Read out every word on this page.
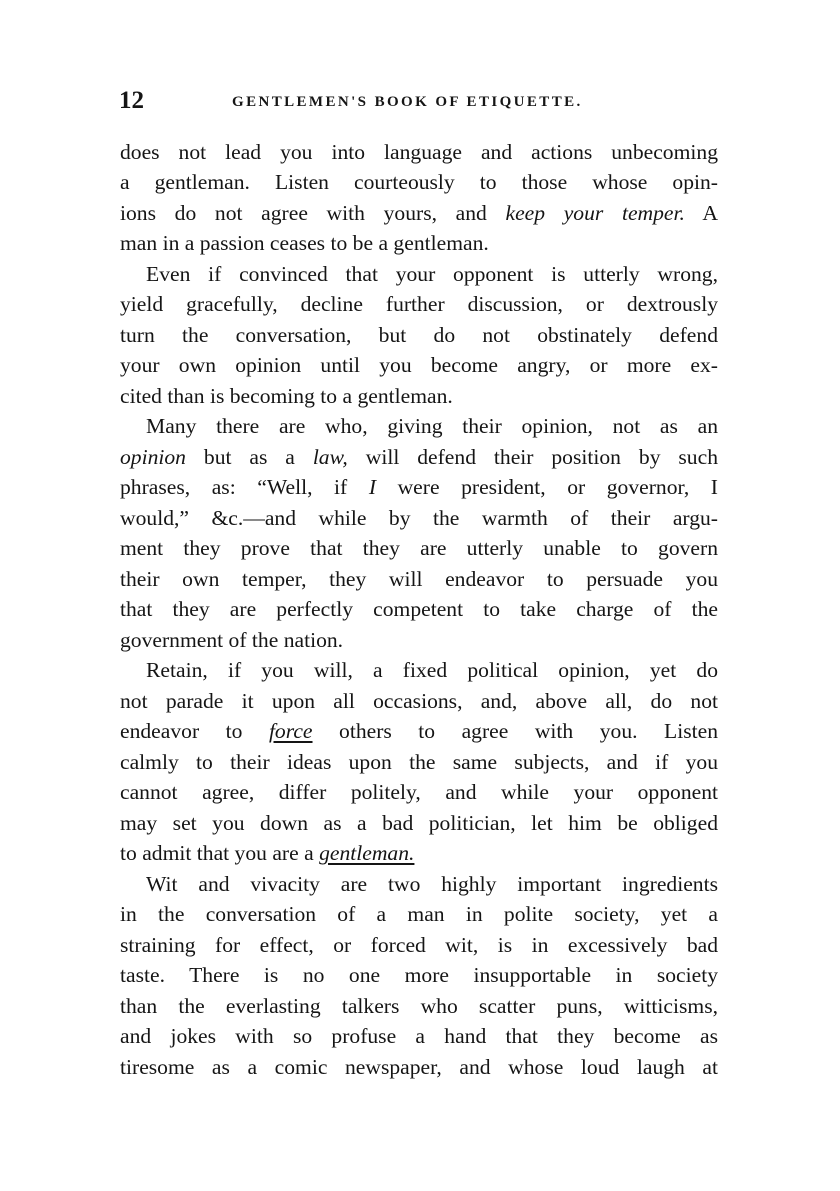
12	GENTLEMEN'S BOOK OF ETIQUETTE.
does not lead you into language and actions unbecoming
a gentleman. Listen courteously to those whose opin-
ions do not agree with yours, and keep your temper. A
man in a passion ceases to be a gentleman.
Even if convinced that your opponent is utterly wrong,
yield gracefully, decline further discussion, or dextrously
turn the conversation, but do not obstinately defend
your own opinion until you become angry, or more ex-
cited than is becoming to a gentleman.
Many there are who, giving their opinion, not as an
opinion but as a law, will defend their position by such
phrases, as: “Well, if I were president, or governor, I
would,” &c.—and while by the warmth of their argu-
ment they prove that they are utterly unable to govern
their own temper, they will endeavor to persuade you
that they are perfectly competent to take charge of the
government of the nation.
Retain, if you will, a fixed political opinion, yet do
not parade it upon all occasions, and, above all, do not
endeavor to force others to agree with you. Listen
calmly to their ideas upon the same subjects, and if you
cannot agree, differ politely, and while your opponent
may set you down as a bad politician, let him be obliged
to admit that you are a gentleman.
Wit and vivacity are two highly important ingredients
in the conversation of a man in polite society, yet a
straining for effect, or forced wit, is in excessively bad
taste. There is no one more insupportable in society
than the everlasting talkers who scatter puns, witticisms,
and jokes with so profuse a hand that they become as
tiresome as a comic newspaper, and whose loud laugh at
